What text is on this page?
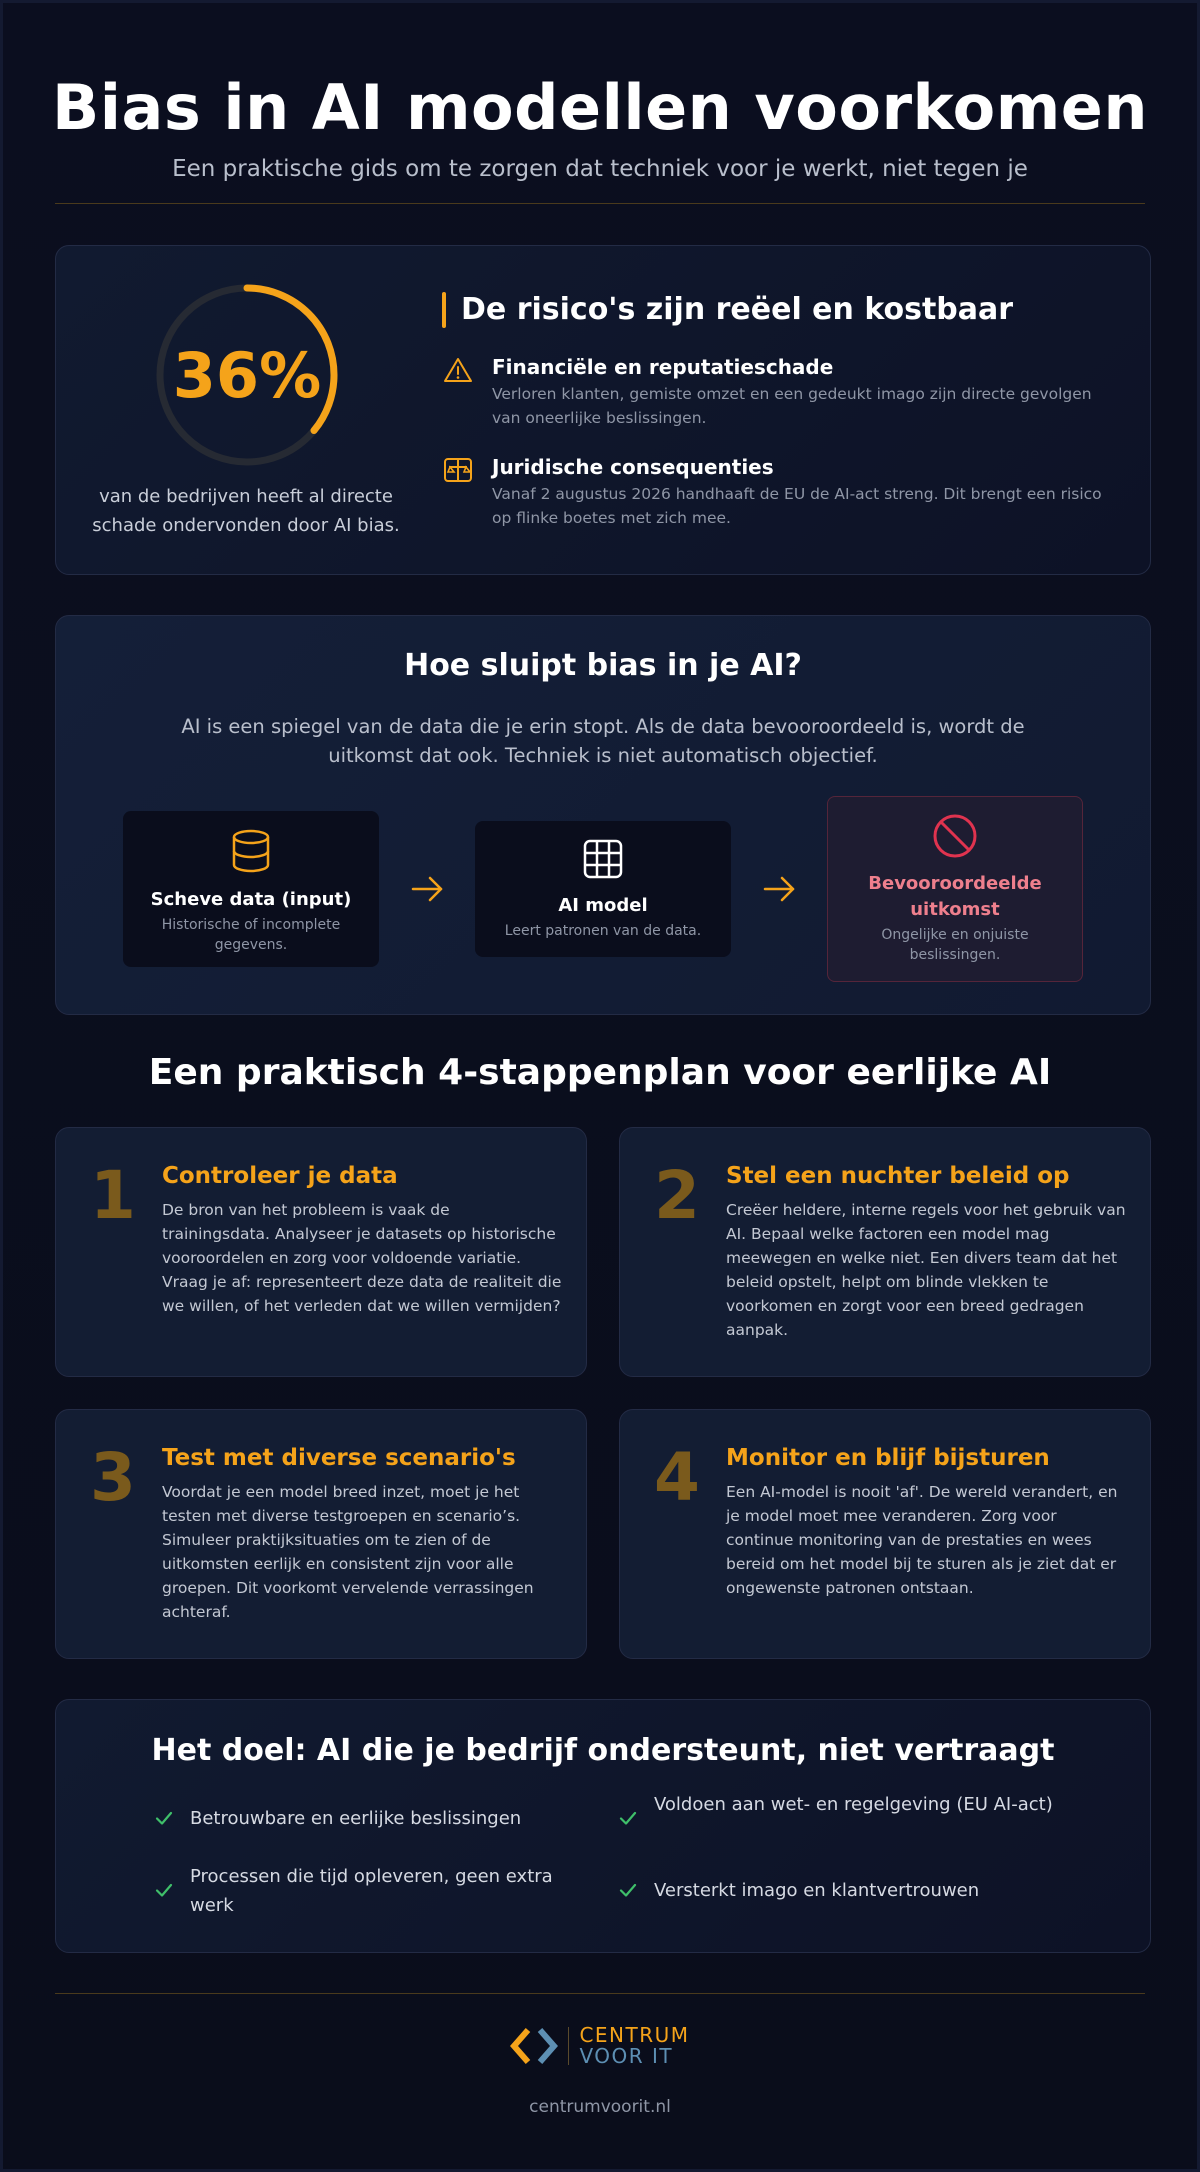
Bias in AI modellen voorkomen

Een praktische gids om te zorgen dat techniek voor je werkt, niet tegen je

36%

van de bedrijven heeft al directe schade ondervonden door AI bias.

De risico's zijn reëel en kostbaar
Financiële en reputatieschade
Verloren klanten, gemiste omzet en een gedeukt imago zijn directe gevolgen van oneerlijke beslissingen.
Juridische consequenties
Vanaf 2 augustus 2026 handhaaft de EU de AI-act streng. Dit brengt een risico op flinke boetes met zich mee.
Hoe sluipt bias in je AI?

AI is een spiegel van de data die je erin stopt. Als de data bevooroordeeld is, wordt de uitkomst dat ook. Techniek is niet automatisch objectief.

Scheve data (input)
Historische of incomplete gegevens.
AI model
Leert patronen van de data.
Bevooroordeelde uitkomst
Ongelijke en onjuiste beslissingen.
Een praktisch 4-stappenplan voor eerlijke AI
1 Controleer je data
De bron van het probleem is vaak de trainingsdata. Analyseer je datasets op historische vooroordelen en zorg voor voldoende variatie. Vraag je af: representeert deze data de realiteit die we willen, of het verleden dat we willen vermijden?
2 Stel een nuchter beleid op
Creëer heldere, interne regels voor het gebruik van AI. Bepaal welke factoren een model mag meewegen en welke niet. Een divers team dat het beleid opstelt, helpt om blinde vlekken te voorkomen en zorgt voor een breed gedragen aanpak.
3 Test met diverse scenario's
Voordat je een model breed inzet, moet je het testen met diverse testgroepen en scenario’s. Simuleer praktijksituaties om te zien of de uitkomsten eerlijk en consistent zijn voor alle groepen. Dit voorkomt vervelende verrassingen achteraf.
4 Monitor en blijf bijsturen
Een AI-model is nooit 'af'. De wereld verandert, en je model moet mee veranderen. Zorg voor continue monitoring van de prestaties en wees bereid om het model bij te sturen als je ziet dat er ongewenste patronen ontstaan.
Het doel: AI die je bedrijf ondersteunt, niet vertraagt
Betrouwbare en eerlijke beslissingen
Voldoen aan wet- en regelgeving (EU AI-act)
Processen die tijd opleveren, geen extra werk
Versterkt imago en klantvertrouwen
CENTRUM
VOOR IT
centrumvoorit.nl
